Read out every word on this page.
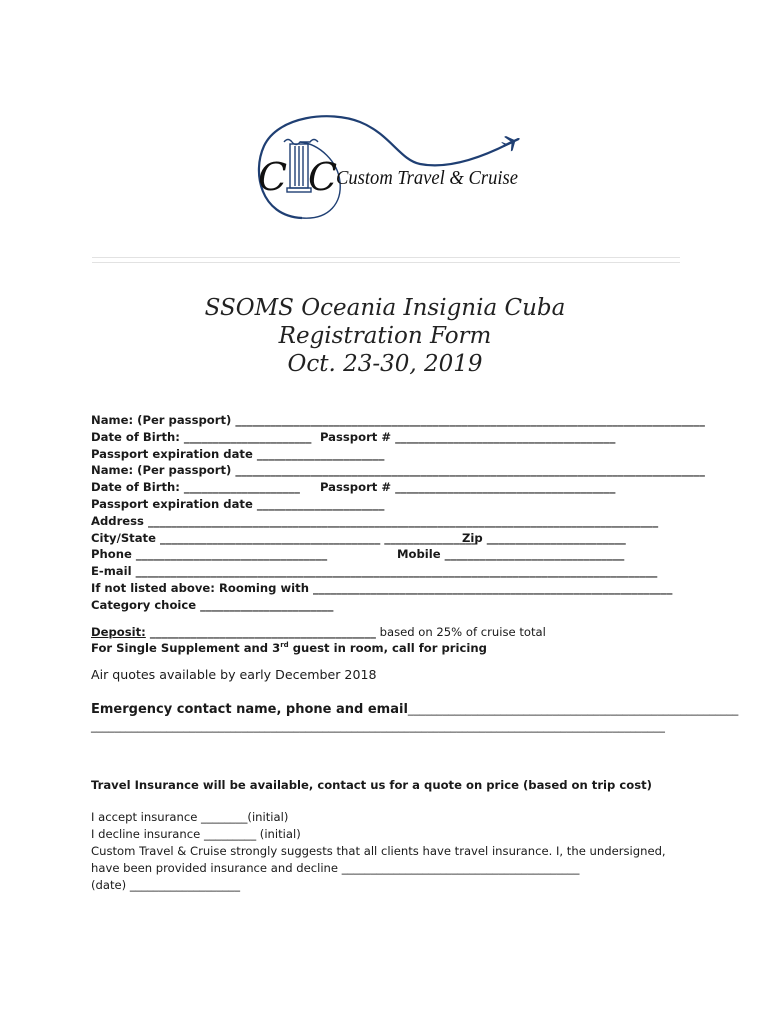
C C
Custom Travel & Cruise
SSOMS Oceania Insignia Cuba
Registration Form
Oct. 23-30, 2019
Name: (Per passport) _________________________________________________________________________________
Date of Birth: ______________________ Passport # ______________________________________
Passport expiration date ______________________
Name: (Per passport) _________________________________________________________________________________
Date of Birth: ____________________ Passport # ______________________________________
Passport expiration date ______________________
Address ________________________________________________________________________________________
City/State ______________________________________ ________________
Zip ________________________
Phone _________________________________	Mobile _______________________________
E-mail __________________________________________________________________________________________
If not listed above: Rooming with ______________________________________________________________
Category choice _______________________
Deposit: _______________________________________ based on 25% of cruise total
For Single Supplement and 3rd guest in room, call for pricing
Air quotes available by early December 2018
Emergency contact name, phone and email_________________________________________________________
___________________________________________________________________________________________________
Travel Insurance will be available, contact us for a quote on price (based on trip cost)
I accept insurance ________(initial)
I decline insurance _________ (initial)
Custom Travel & Cruise strongly suggests that all clients have travel insurance. I, the undersigned,
have been provided insurance and decline _________________________________________
(date) ___________________
